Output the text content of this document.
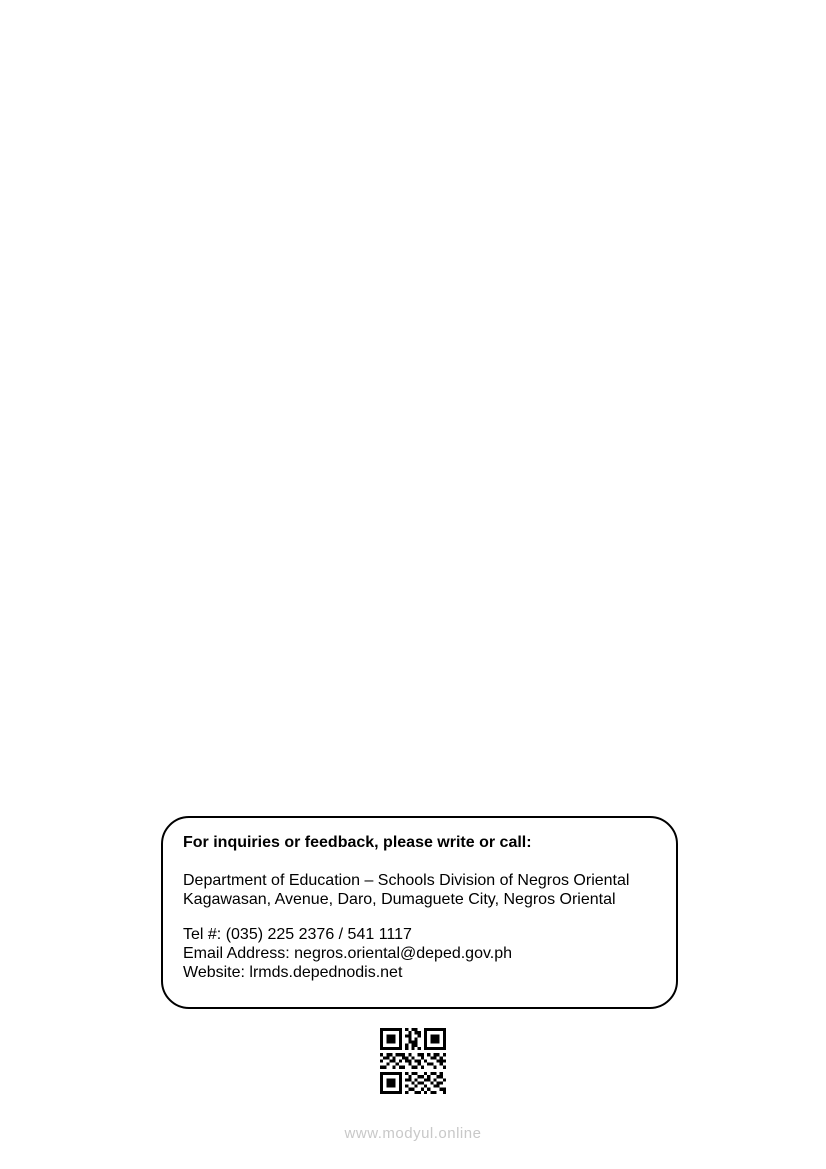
For inquiries or feedback, please write or call:

Department of Education – Schools Division of Negros Oriental

Kagawasan, Avenue, Daro, Dumaguete City, Negros Oriental

Tel #: (035) 225 2376 / 541 1117

Email Address: negros.oriental@deped.gov.ph

Website: lrmds.depednodis.net

www.modyul.online
